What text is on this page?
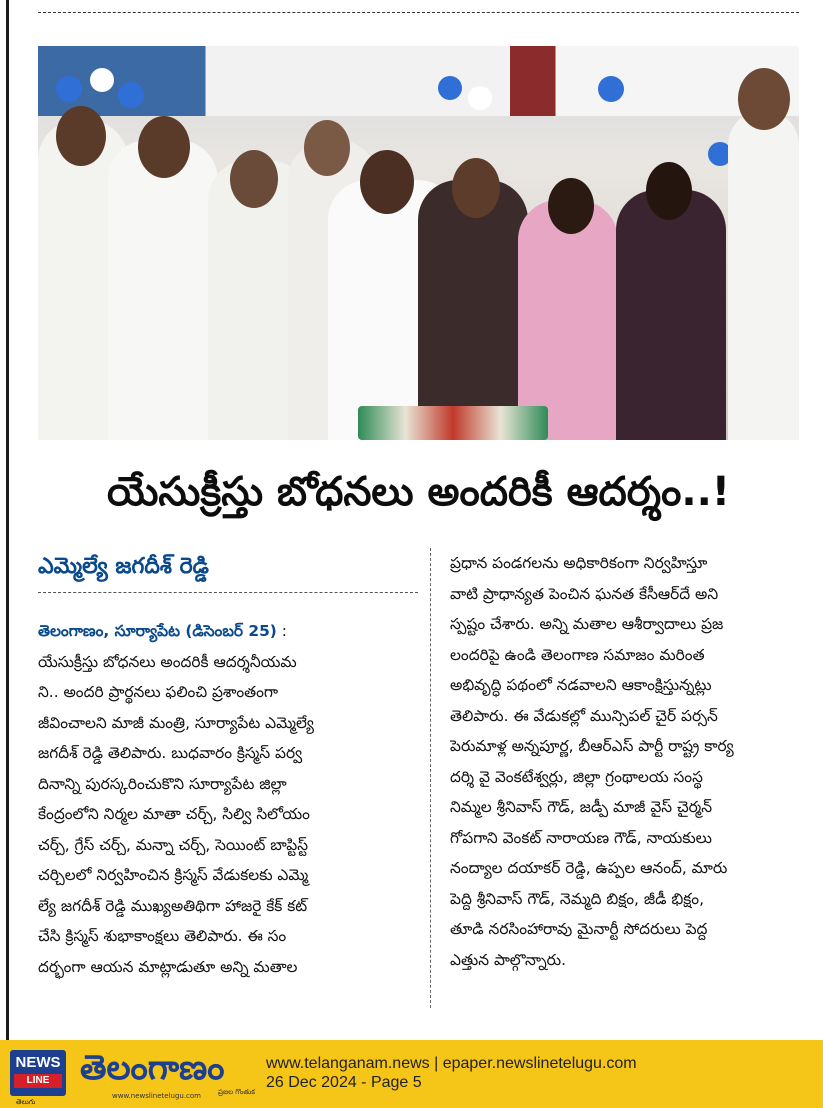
యేసుక్రీస్తు బోధనలు అందరికీ ఆదర్శం..!
ఎమ్మెల్యే జగదీశ్ రెడ్డి
తెలంగాణం, సూర్యాపేట (డిసెంబర్ 25) :
యేసుక్రీస్తు బోధనలు అందరికీ ఆదర్శనీయమ
ని.. అందరి ప్రార్థనలు ఫలించి ప్రశాంతంగా
జీవించాలని మాజీ మంత్రి, సూర్యాపేట ఎమ్మెల్యే
జగదీశ్ రెడ్డి తెలిపారు. బుధవారం క్రిస్మస్ పర్వ
దినాన్ని పురస్కరించుకొని సూర్యాపేట జిల్లా
కేంద్రంలోని నిర్మల మాతా చర్చ్, సిల్వి సిలోయం
చర్చ్, గ్రేస్ చర్చ్, మన్నా చర్చ్, సెయింట్ బాప్టిస్ట్
చర్చిలలో నిర్వహించిన క్రిస్మస్ వేడుకలకు ఎమ్మె
ల్యే జగదీశ్ రెడ్డి ముఖ్యఅతిథిగా హాజరై కేక్ కట్
చేసి క్రిస్మస్ శుభాకాంక్షలు తెలిపారు. ఈ సం
దర్భంగా ఆయన మాట్లాడుతూ అన్ని మతాల
ప్రధాన పండగలను అధికారికంగా నిర్వహిస్తూ
వాటి ప్రాధాన్యత పెంచిన ఘనత కేసీఆర్‌దే అని
స్పష్టం చేశారు. అన్ని మతాల ఆశీర్వాదాలు ప్రజ
లందరిపై ఉండి తెలంగాణ సమాజం మరింత
అభివృద్ధి పథంలో నడవాలని ఆకాంక్షిస్తున్నట్లు
తెలిపారు. ఈ వేడుకల్లో మున్సిపల్ చైర్ పర్సన్
పెరుమాళ్ల అన్నపూర్ణ, బీఆర్ఎస్ పార్టీ రాష్ట్ర కార్య
దర్శి వై వెంకటేశ్వర్లు, జిల్లా గ్రంథాలయ సంస్థ
నిమ్మల శ్రీనివాస్ గౌడ్, జడ్పీ మాజీ వైస్ చైర్మన్
గోపగాని వెంకట్ నారాయణ గౌడ్, నాయకులు
నంద్యాల దయాకర్ రెడ్డి, ఉప్పల ఆనంద్, మారు
పెద్ది శ్రీనివాస్ గౌడ్, నెమ్మది బిక్షం, జీడీ భిక్షం,
తూడి నరసింహారావు మైనార్టీ సోదరులు పెద్ద
ఎత్తున పాల్గొన్నారు.
NEWS
LINE
తెలుగు
తెలంగాణం
www.newslinetelugu.com ప్రజల గొంతుక
www.telanganam.news | epaper.newslinetelugu.com
26 Dec 2024 - Page 5
